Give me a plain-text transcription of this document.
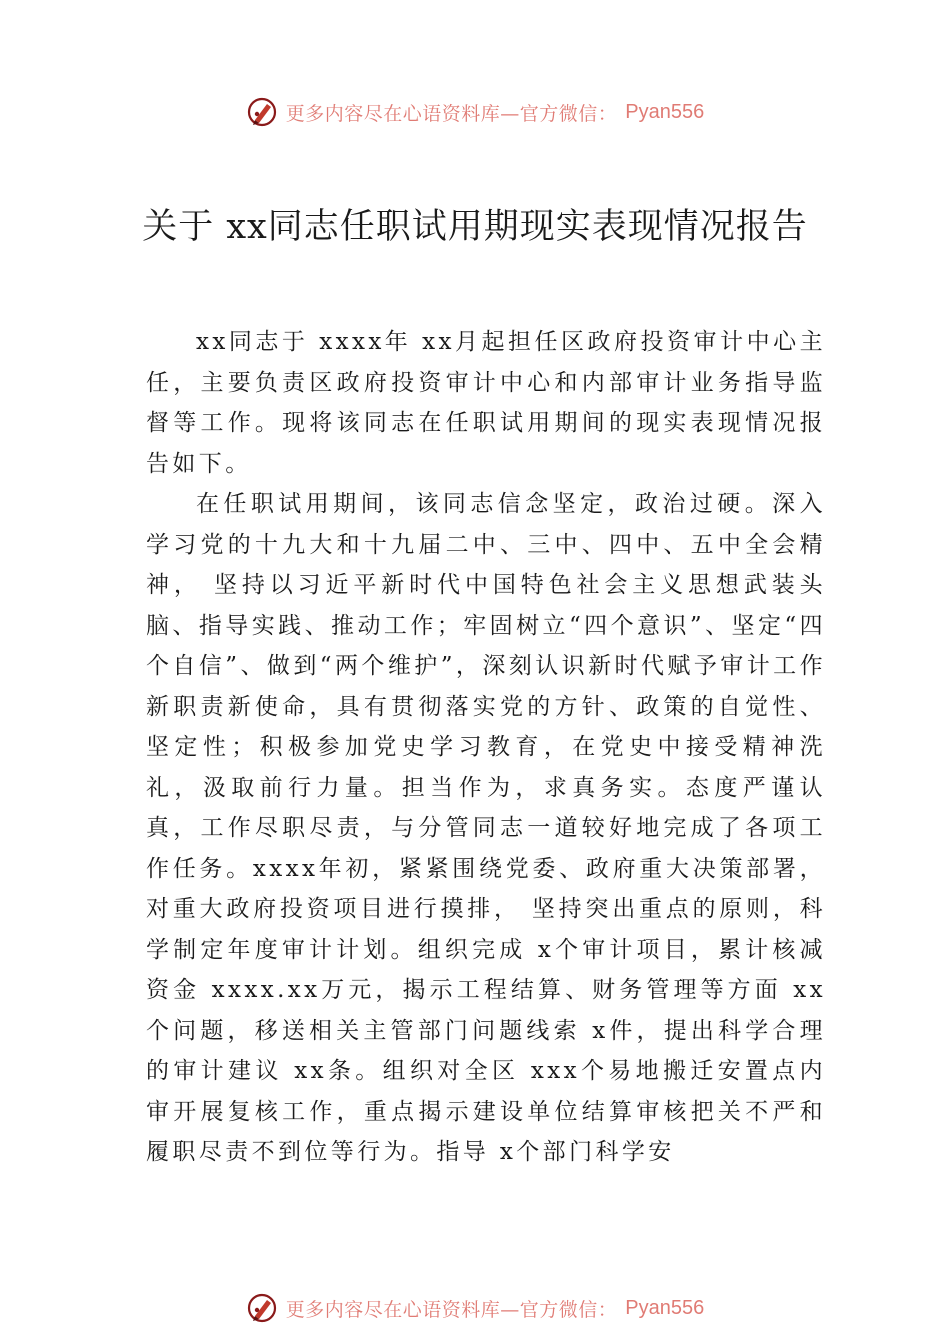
更多内容尽在心语资料库—官方微信： Pyan556
关于 xx同志任职试用期现实表现情况报告

xx同志于 xxxx年 xx月起担任区政府投资审计中心主任，主要负责区政府投资审计中心和内部审计业务指导监督等工作。现将该同志在任职试用期间的现实表现情况报告如下。

在任职试用期间，该同志信念坚定，政治过硬。深入学习党的十九大和十九届二中、三中、四中、五中全会精神， 坚持以习近平新时代中国特色社会主义思想武装头脑、指导实践、推动工作；牢固树立“四个意识”、坚定“四个自信”、做到“两个维护”，深刻认识新时代赋予审计工作新职责新使命，具有贯彻落实党的方针、政策的自觉性、坚定性；积极参加党史学习教育，在党史中接受精神洗礼，汲取前行力量。担当作为，求真务实。态度严谨认真，工作尽职尽责，与分管同志一道较好地完成了各项工作任务。xxxx年初，紧紧围绕党委、政府重大决策部署，对重大政府投资项目进行摸排， 坚持突出重点的原则，科学制定年度审计计划。组织完成 x个审计项目，累计核减资金 xxxx.xx万元，揭示工程结算、财务管理等方面 xx 个问题，移送相关主管部门问题线索 x件，提出科学合理的审计建议 xx条。组织对全区 xxx个易地搬迁安置点内审开展复核工作，重点揭示建设单位结算审核把关不严和履职尽责不到位等行为。指导 x个部门科学安

更多内容尽在心语资料库—官方微信： Pyan556
